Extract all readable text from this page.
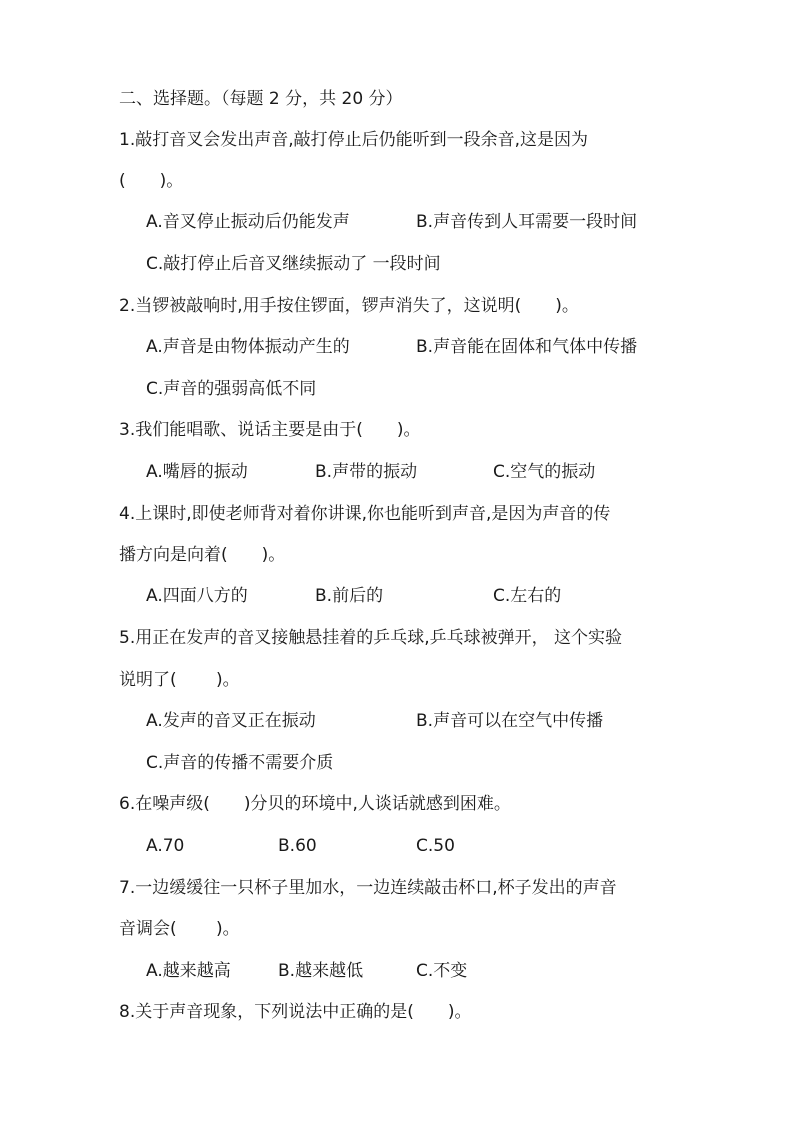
二、选择题。（每题 2 分，共 20 分）
1.敲打音叉会发出声音,敲打停止后仍能听到一段余音,这是因为
(　　)。
A.音叉停止振动后仍能发声	B.声音传到人耳需要一段时间
C.敲打停止后音叉继续振动了 一段时间
2.当锣被敲响时,用手按住锣面，锣声消失了，这说明(　　)。
A.声音是由物体振动产生的	B.声音能在固体和气体中传播
C.声音的强弱高低不同
3.我们能唱歌、说话主要是由于(　　)。
A.嘴唇的振动	B.声带的振动	C.空气的振动
4.上课时,即使老师背对着你讲课,你也能听到声音,是因为声音的传
播方向是向着(　　)。
A.四面八方的	B.前后的	C.左右的
5.用正在发声的音叉接触悬挂着的乒乓球,乒乓球被弹开， 这个实验
说明了(　　 )。
A.发声的音叉正在振动	B.声音可以在空气中传播
C.声音的传播不需要介质
6.在噪声级(　　)分贝的环境中,人谈话就感到困难。
A.70	B.60	C.50
7.一边缓缓往一只杯子里加水，一边连续敲击杯口,杯子发出的声音
音调会(　　 )。
A.越来越高	B.越来越低	C.不变
8.关于声音现象，下列说法中正确的是(　　)。
